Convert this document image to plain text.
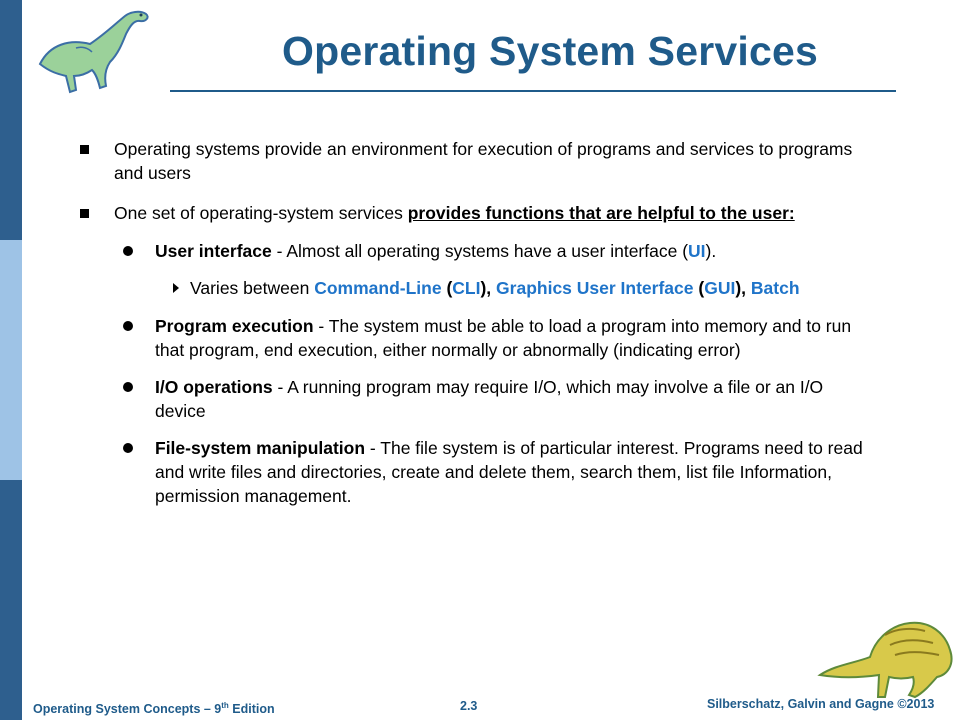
Operating System Services
Operating systems provide an environment for execution of programs and services to programs and users
One set of operating-system services provides functions that are helpful to the user:
User interface - Almost all operating systems have a user interface (UI).
Varies between Command-Line (CLI), Graphics User Interface (GUI), Batch
Program execution - The system must be able to load a program into memory and to run that program, end execution, either normally or abnormally (indicating error)
I/O operations - A running program may require I/O, which may involve a file or an I/O device
File-system manipulation - The file system is of particular interest. Programs need to read and write files and directories, create and delete them, search them, list file Information, permission management.
Operating System Concepts – 9th Edition	2.3	Silberschatz, Galvin and Gagne ©2013
